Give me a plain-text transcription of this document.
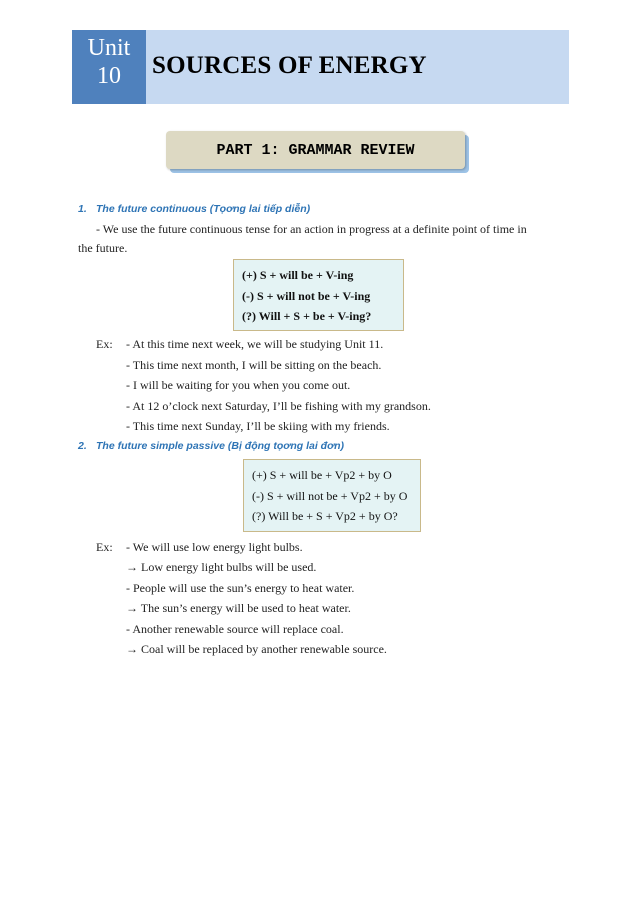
Unit
10	SOURCES OF ENERGY
PART 1: GRAMMAR REVIEW
1. The future continuous (Tọơng lai tiếp diễn)
- We use the future continuous tense for an action in progress at a definite point of time in
the future.
(+) S + will be + V-ing
(-) S + will not be + V-ing
(?) Will + S + be + V-ing?
Ex: - At this time next week, we will be studying Unit 11.
- This time next month, I will be sitting on the beach.
- I will be waiting for you when you come out.
- At 12 o’clock next Saturday, I’ll be fishing with my grandson.
- This time next Sunday, I’ll be skiing with my friends.
2. The future simple passive (Bị động tọơng lai đơn)
(+) S + will be + Vp2 + by O
(-) S + will not be + Vp2 + by O
(?) Will be + S + Vp2 + by O?
Ex: - We will use low energy light bulbs.
→ Low energy light bulbs will be used.
- People will use the sun’s energy to heat water.
→ The sun’s energy will be used to heat water.
- Another renewable source will replace coal.
→ Coal will be replaced by another renewable source.
